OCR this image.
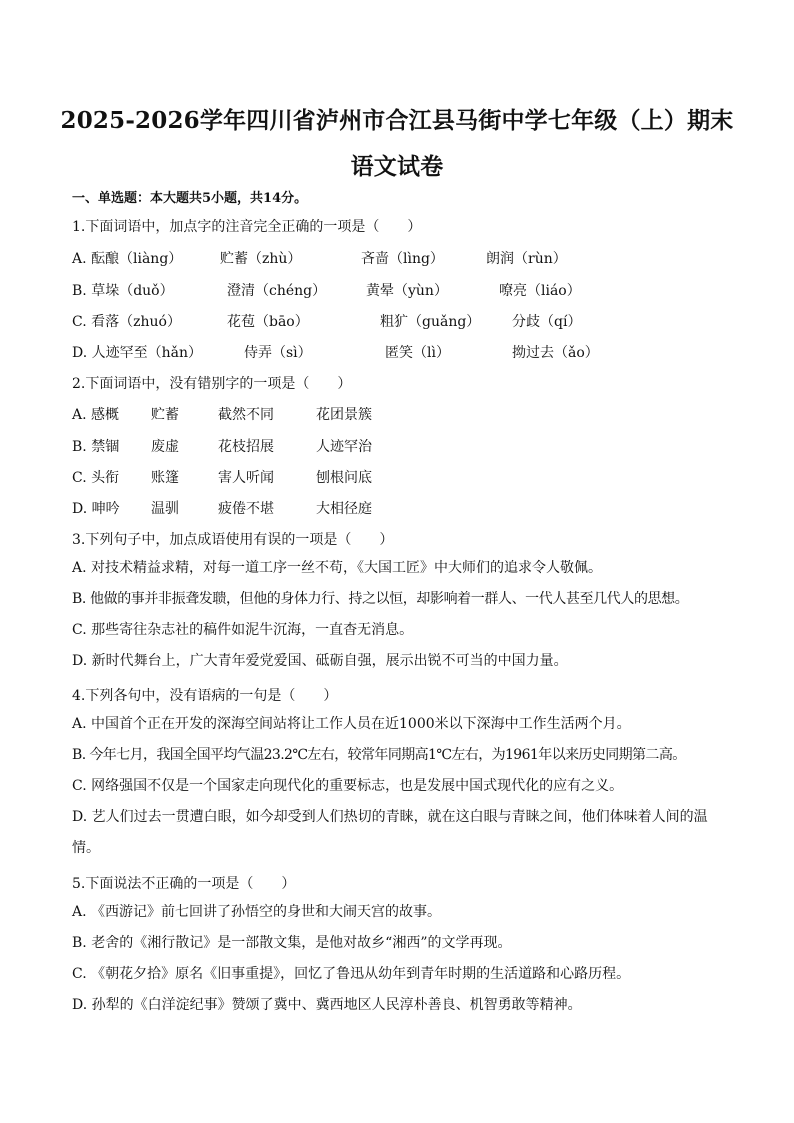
2025-2026学年四川省泸州市合江县马街中学七年级（上）期末语文试卷
一、单选题：本大题共5小题，共14分。
1.下面词语中，加点字的注音完全正确的一项是（　　）
A. 酝酿（liàng）	贮蓄（zhù）	吝啬（lìng）	朗润（rùn）
B. 草垛（duǒ）	澄清（chéng）	黄晕（yùn）	嘹亮（liáo）
C. 看落（zhuó）	花苞（bāo）	粗犷（guǎng） 分歧（qí）
D. 人迹罕至（hǎn）	侍弄（sì）	匿笑（lì）	拗过去（ǎo）
2.下面词语中，没有错别字的一项是（　　）
A. 感概 贮蓄	截然不同	花团景簇
B. 禁锢 废虚	花枝招展	人迹罕治
C. 头衔 账篷	害人听闻	刨根问底
D. 呻吟 温驯	疲倦不堪	大相径庭
3.下列句子中，加点成语使用有误的一项是（　　）
A. 对技术精益求精，对每一道工序一丝不苟，《大国工匠》中大师们的追求令人敬佩。
B. 他做的事并非振聋发聩，但他的身体力行、持之以恒，却影响着一群人、一代人甚至几代人的思想。
C. 那些寄往杂志社的稿件如泥牛沉海，一直杳无消息。
D. 新时代舞台上，广大青年爱党爱国、砥砺自强，展示出锐不可当的中国力量。
4.下列各句中，没有语病的一句是（　　）
A. 中国首个正在开发的深海空间站将让工作人员在近1000米以下深海中工作生活两个月。
B. 今年七月，我国全国平均气温23.2℃左右，较常年同期高1℃左右，为1961年以来历史同期第二高。
C. 网络强国不仅是一个国家走向现代化的重要标志，也是发展中国式现代化的应有之义。
D. 艺人们过去一贯遭白眼，如今却受到人们热切的青睐，就在这白眼与青睐之间，他们体味着人间的温情。
5.下面说法不正确的一项是（　　）
A. 《西游记》前七回讲了孙悟空的身世和大闹天宫的故事。
B. 老舍的《湘行散记》是一部散文集，是他对故乡“湘西”的文学再现。
C. 《朝花夕拾》原名《旧事重提》，回忆了鲁迅从幼年到青年时期的生活道路和心路历程。
D. 孙犁的《白洋淀纪事》赞颂了冀中、冀西地区人民淳朴善良、机智勇敢等精神。
